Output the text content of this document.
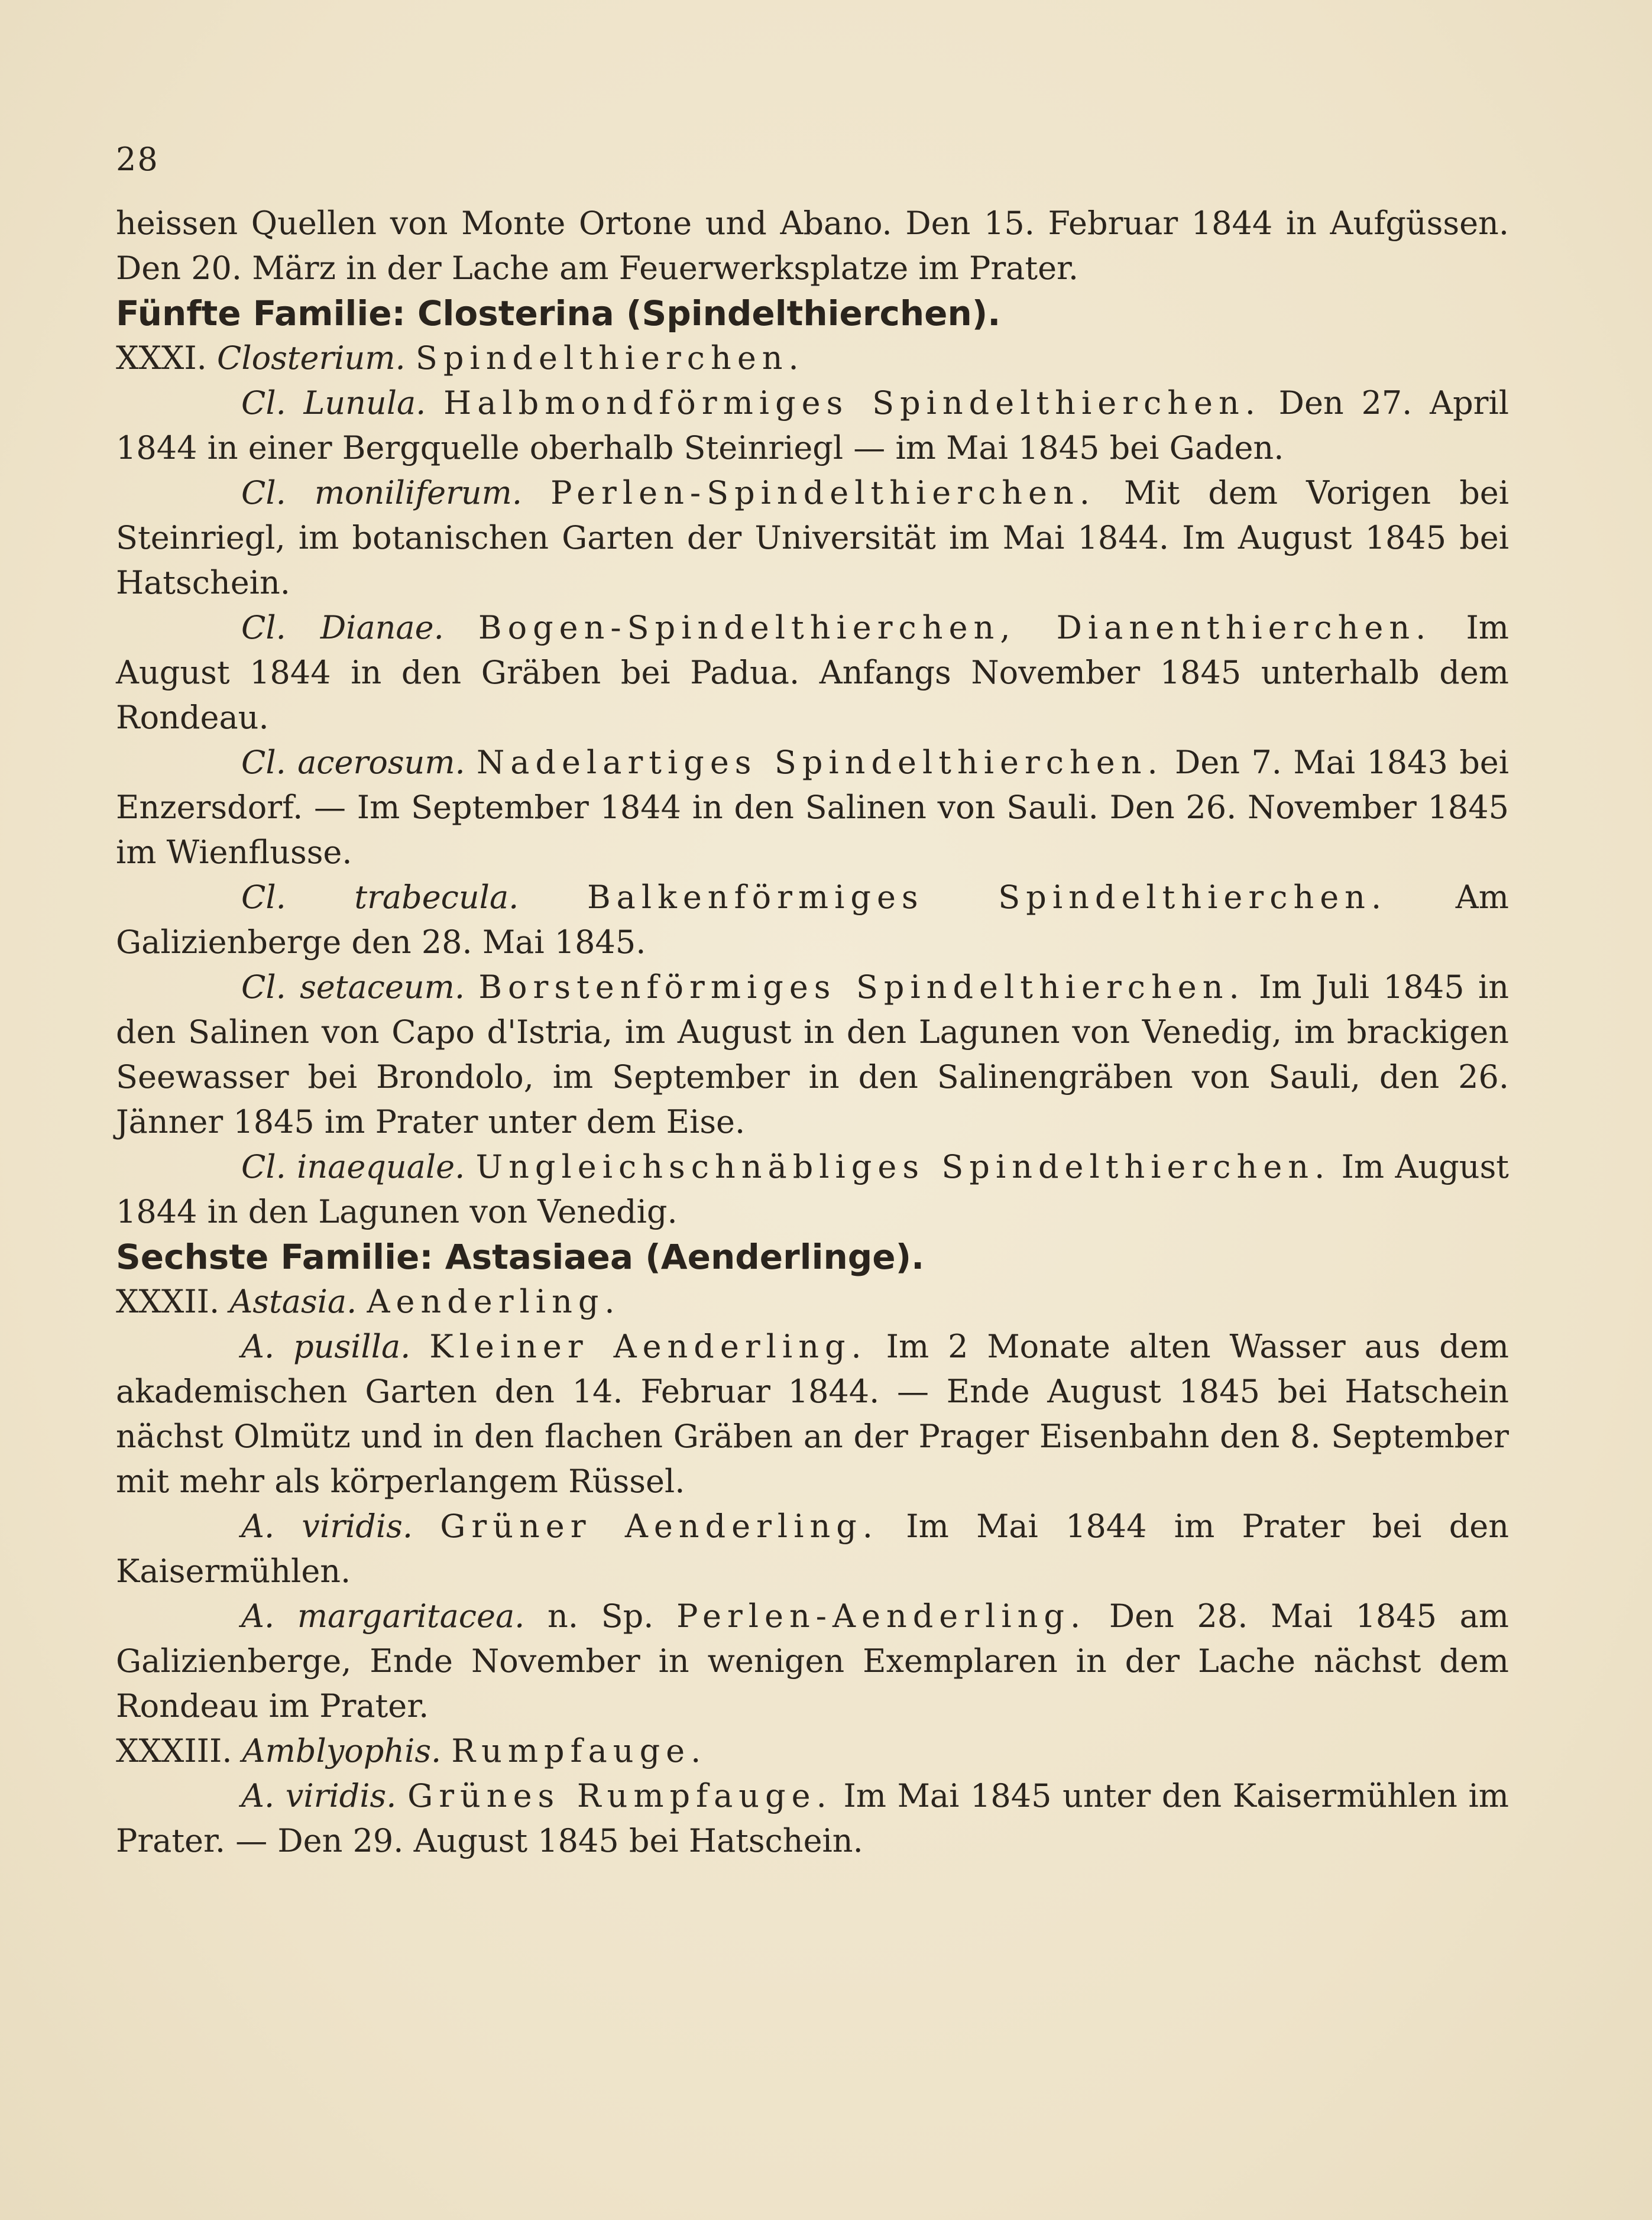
28

heissen Quellen von Monte Ortone und Abano. Den 15. Februar 1844 in Aufgüssen. Den 20. März in der Lache am Feuerwerksplatze im Prater.

Fünfte Familie: Closterina (Spindelthierchen).

XXXI. Closterium. Spindelthierchen.

Cl. Lunula. Halbmondförmiges Spindelthierchen. Den 27. April 1844 in einer Bergquelle oberhalb Steinriegl — im Mai 1845 bei Gaden.

Cl. moniliferum. Perlen-Spindelthierchen. Mit dem Vorigen bei Steinriegl, im botanischen Garten der Universität im Mai 1844. Im August 1845 bei Hatschein.

Cl. Dianae. Bogen-Spindelthierchen, Dianenthierchen. Im August 1844 in den Gräben bei Padua. Anfangs November 1845 unterhalb dem Rondeau.

Cl. acerosum. Nadelartiges Spindelthierchen. Den 7. Mai 1843 bei Enzersdorf. — Im September 1844 in den Salinen von Sauli. Den 26. November 1845 im Wienflusse.

Cl. trabecula. Balkenförmiges Spindelthierchen. Am Galizienberge den 28. Mai 1845.

Cl. setaceum. Borstenförmiges Spindelthierchen. Im Juli 1845 in den Salinen von Capo d'Istria, im August in den Lagunen von Venedig, im brackigen Seewasser bei Brondolo, im September in den Salinengräben von Sauli, den 26. Jänner 1845 im Prater unter dem Eise.

Cl. inaequale. Ungleichschnäbliges Spindelthierchen. Im August 1844 in den Lagunen von Venedig.

Sechste Familie: Astasiaea (Aenderlinge).

XXXII. Astasia. Aenderling.

A. pusilla. Kleiner Aenderling. Im 2 Monate alten Wasser aus dem akademischen Garten den 14. Februar 1844. — Ende August 1845 bei Hatschein nächst Olmütz und in den flachen Gräben an der Prager Eisenbahn den 8. September mit mehr als körperlangem Rüssel.

A. viridis. Grüner Aenderling. Im Mai 1844 im Prater bei den Kaisermühlen.

A. margaritacea. n. Sp. Perlen-Aenderling. Den 28. Mai 1845 am Galizienberge, Ende November in wenigen Exemplaren in der Lache nächst dem Rondeau im Prater.

XXXIII. Amblyophis. Rumpfauge.

A. viridis. Grünes Rumpfauge. Im Mai 1845 unter den Kaisermühlen im Prater. — Den 29. August 1845 bei Hatschein.
